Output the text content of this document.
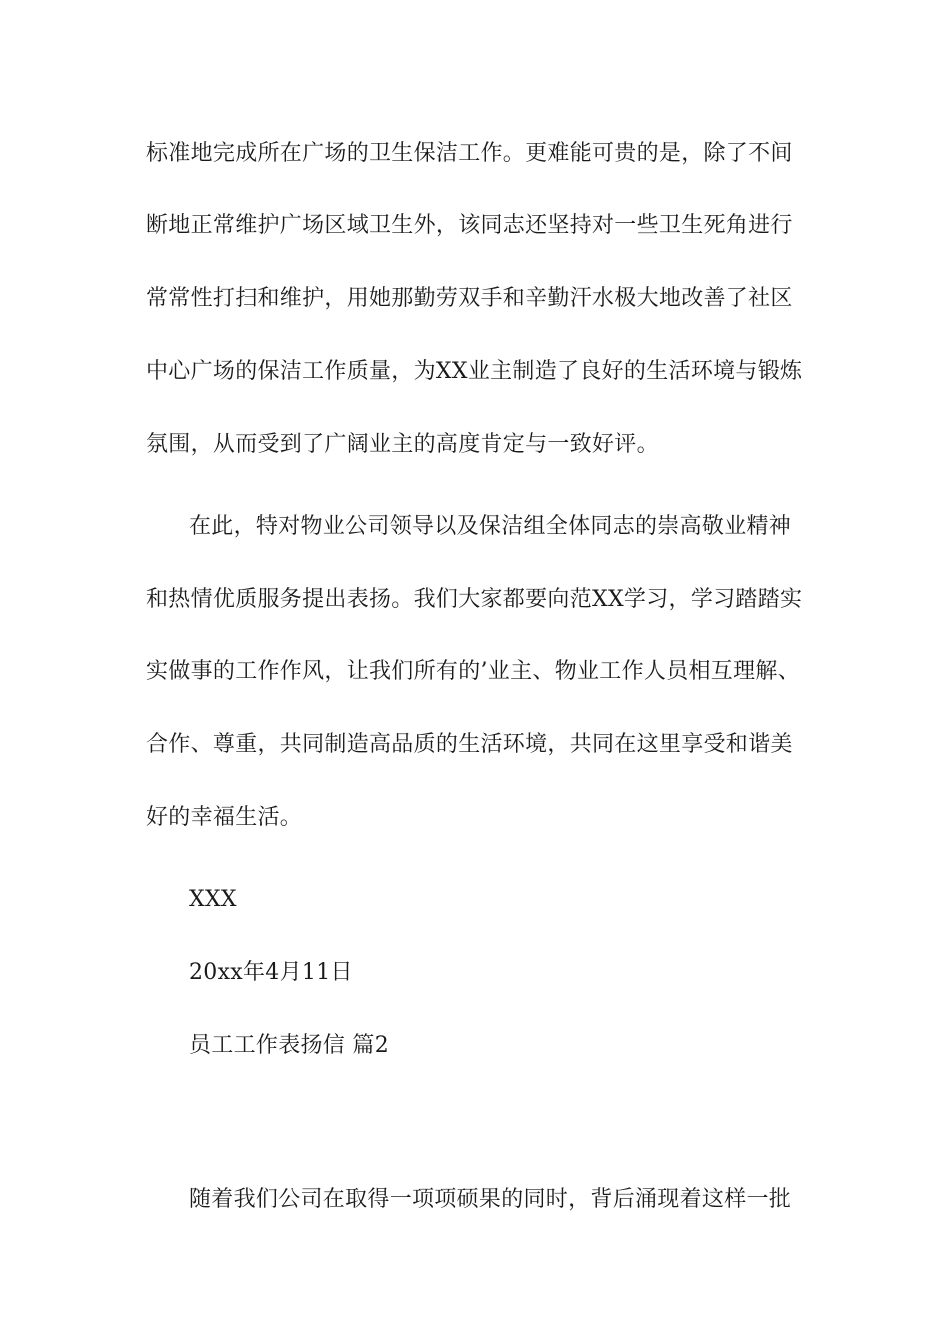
标准地完成所在广场的卫生保洁工作。更难能可贵的是，除了不间
断地正常维护广场区域卫生外，该同志还坚持对一些卫生死角进行
常常性打扫和维护，用她那勤劳双手和辛勤汗水极大地改善了社区
中心广场的保洁工作质量，为XX业主制造了良好的生活环境与锻炼
氛围，从而受到了广阔业主的高度肯定与一致好评。
在此，特对物业公司领导以及保洁组全体同志的崇高敬业精神
和热情优质服务提出表扬。我们大家都要向范XX学习，学习踏踏实
实做事的工作作风，让我们所有的’业主、物业工作人员相互理解、
合作、尊重，共同制造高品质的生活环境，共同在这里享受和谐美
好的幸福生活。
XXX
20xx年4月11日
员工工作表扬信 篇2
随着我们公司在取得一项项硕果的同时，背后涌现着这样一批
